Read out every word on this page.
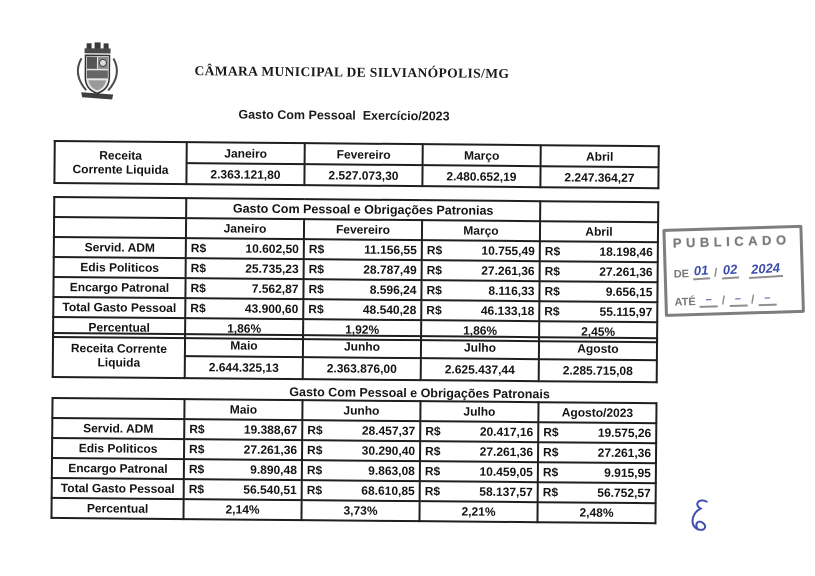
CÂMARA MUNICIPAL DE SILVIANÓPOLIS/MG
Gasto Com Pessoal  Exercício/2023
Receita
Corrente Liquida	Janeiro	Fevereiro	Março	Abril
	2.363.121,80	2.527.073,30	2.480.652,19	2.247.364,27
	Gasto Com Pessoal e Obrigações Patronias			
	Janeiro	Fevereiro	Março	Abril
Servid. ADM	R$ 10.602,50	R$ 11.156,55	R$ 10.755,49	R$ 18.198,46

Edis Politicos	R$ 25.735,23	R$ 28.787,49	R$ 27.261,36	R$ 27.261,36

Encargo Patronal	R$ 7.562,87	R$ 8.596,24	R$ 8.116,33	R$ 9.656,15

Total Gasto Pessoal	R$ 43.900,60	R$ 48.540,28	R$ 46.133,18	R$ 55.115,97

Percentual	1,86%	1,92%	1,86%	2,45%
Receita Corrente
Liquida	Maio	Junho	Julho	Agosto
	2.644.325,13	2.363.876,00	2.625.437,44	2.285.715,08
Gasto Com Pessoal e Obrigações Patronais
	Maio	Junho	Julho	Agosto/2023
Servid. ADM	R$ 19.388,67	R$ 28.457,37	R$ 20.417,16	R$ 19.575,26

Edis Politicos	R$ 27.261,36	R$ 30.290,40	R$ 27.261,36	R$ 27.261,36

Encargo Patronal	R$ 9.890,48	R$ 9.863,08	R$ 10.459,05	R$ 9.915,95

Total Gasto Pessoal	R$ 56.540,51	R$ 68.610,85	R$ 58.137,57	R$ 56.752,57

Percentual	2,14%	3,73%	2,21%	2,48%
PUBLICADO
DE 01 / 02 2024
ATÉ – / – / –
